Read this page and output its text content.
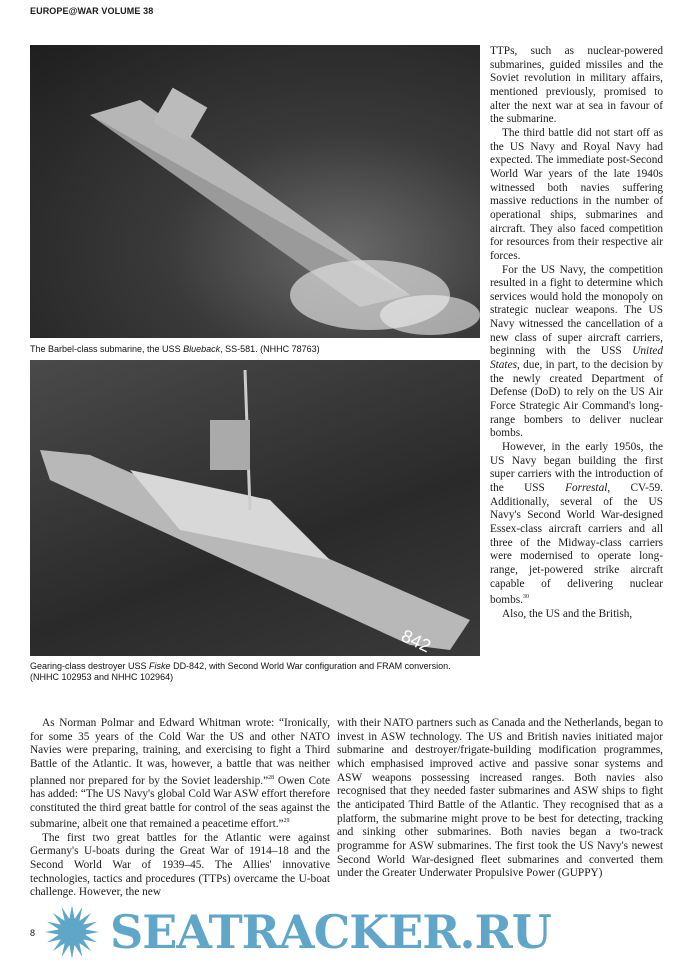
EUROPE@WAR VOLUME 38
The Barbel-class submarine, the USS Blueback, SS-581. (NHHC 78763)
842
Gearing-class destroyer USS Fiske DD-842, with Second World War configuration and FRAM conversion. (NHHC 102953 and NHHC 102964)

TTPs, such as nuclear-powered submarines, guided missiles and the Soviet revolution in military affairs, mentioned previously, promised to alter the next war at sea in favour of the submarine.

The third battle did not start off as the US Navy and Royal Navy had expected. The immediate post-Second World War years of the late 1940s witnessed both navies suffering massive reductions in the number of operational ships, submarines and aircraft. They also faced competition for resources from their respective air forces.

For the US Navy, the competition resulted in a fight to determine which services would hold the monopoly on strategic nuclear weapons. The US Navy witnessed the cancellation of a new class of super aircraft carriers, beginning with the USS United States, due, in part, to the decision by the newly created Department of Defense (DoD) to rely on the US Air Force Strategic Air Command's long-range bombers to deliver nuclear bombs.

However, in the early 1950s, the US Navy began building the first super carriers with the introduction of the USS Forrestal, CV-59. Additionally, several of the US Navy's Second World War-designed Essex-class aircraft carriers and all three of the Midway-class carriers were modernised to operate long-range, jet-powered strike aircraft capable of delivering nuclear bombs.$^{30}$

Also, the US and the British,

As Norman Polmar and Edward Whitman wrote: “Ironically, for some 35 years of the Cold War the US and other NATO Navies were preparing, training, and exercising to fight a Third Battle of the Atlantic. It was, however, a battle that was neither planned nor prepared for by the Soviet leadership.”$^{28}$ Owen Cote has added: “The US Navy's global Cold War ASW effort therefore constituted the third great battle for control of the seas against the submarine, albeit one that remained a peacetime effort.”$^{29}$

The first two great battles for the Atlantic were against Germany's U-boats during the Great War of 1914–18 and the Second World War of 1939–45. The Allies' innovative technologies, tactics and procedures (TTPs) overcame the U-boat challenge. However, the new

with their NATO partners such as Canada and the Netherlands, began to invest in ASW technology. The US and British navies initiated major submarine and destroyer/frigate-building modification programmes, which emphasised improved active and passive sonar systems and ASW weapons possessing increased ranges. Both navies also recognised that they needed faster submarines and ASW ships to fight the anticipated Third Battle of the Atlantic. They recognised that as a platform, the submarine might prove to be best for detecting, tracking and sinking other submarines. Both navies began a two-track programme for ASW submarines. The first took the US Navy's newest Second World War-designed fleet submarines and converted them under the Greater Underwater Propulsive Power (GUPPY)

8 SEATRACKER.RU
